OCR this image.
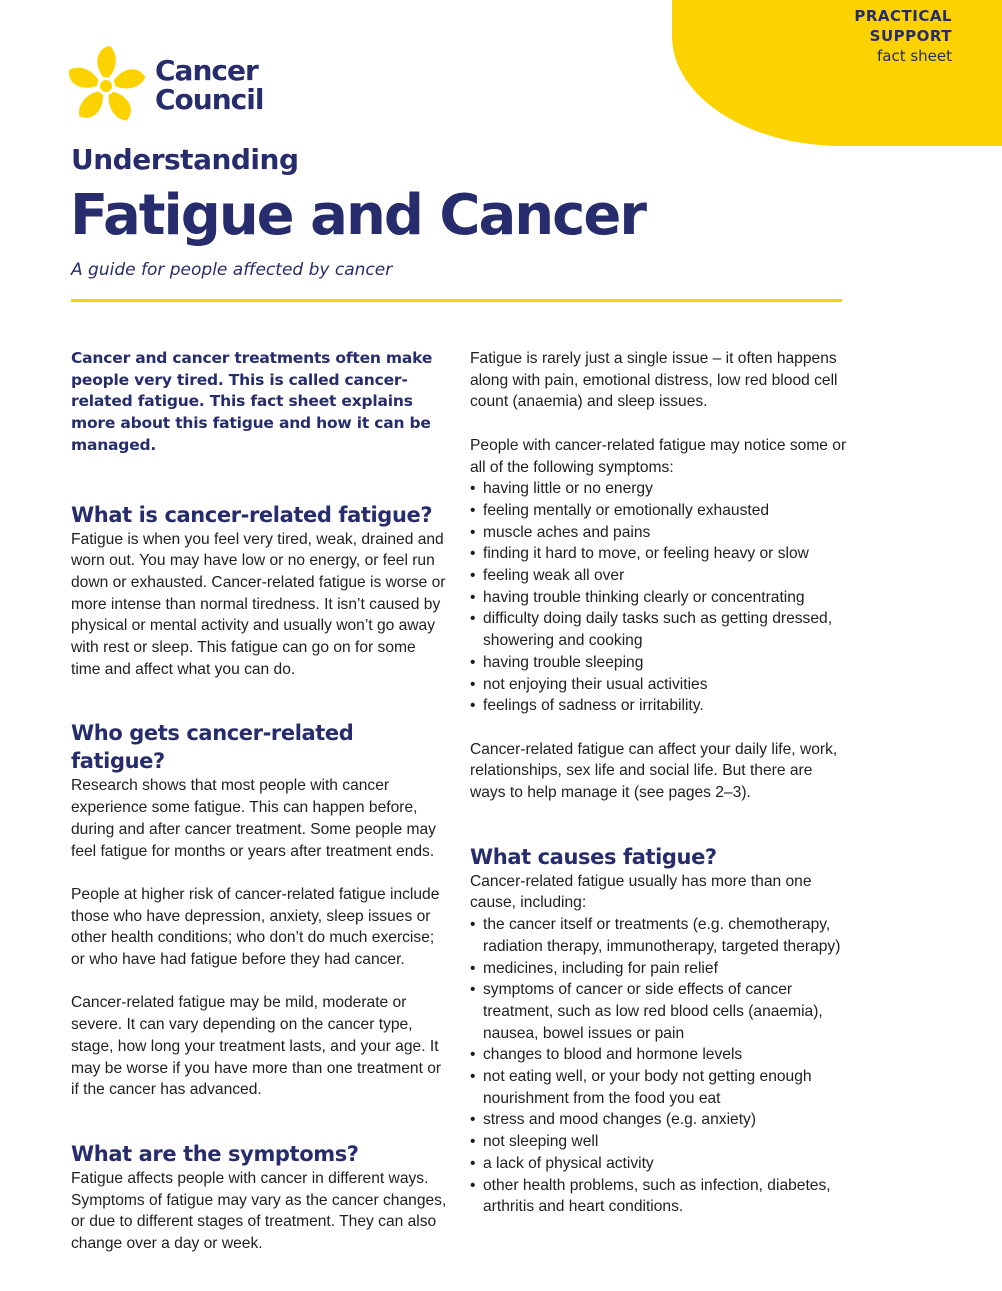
PRACTICAL
SUPPORT
fact sheet
Cancer
Council
Understanding
Fatigue and Cancer
A guide for people affected by cancer

Cancer and cancer treatments often make people very tired. This is called cancer-related fatigue. This fact sheet explains more about this fatigue and how it can be managed.

What is cancer-related fatigue?

Fatigue is when you feel very tired, weak, drained and worn out. You may have low or no energy, or feel run down or exhausted. Cancer-related fatigue is worse or more intense than normal tiredness. It isn’t caused by physical or mental activity and usually won’t go away with rest or sleep. This fatigue can go on for some time and affect what you can do.

Who gets cancer-related fatigue?

Research shows that most people with cancer experience some fatigue. This can happen before, during and after cancer treatment. Some people may feel fatigue for months or years after treatment ends.

People at higher risk of cancer-related fatigue include those who have depression, anxiety, sleep issues or other health conditions; who don’t do much exercise; or who have had fatigue before they had cancer.

Cancer-related fatigue may be mild, moderate or severe. It can vary depending on the cancer type, stage, how long your treatment lasts, and your age. It may be worse if you have more than one treatment or if the cancer has advanced.

What are the symptoms?

Fatigue affects people with cancer in different ways. Symptoms of fatigue may vary as the cancer changes, or due to different stages of treatment. They can also change over a day or week.

Fatigue is rarely just a single issue – it often happens along with pain, emotional distress, low red blood cell count (anaemia) and sleep issues.

People with cancer-related fatigue may notice some or all of the following symptoms:

• having little or no energy
• feeling mentally or emotionally exhausted
• muscle aches and pains
• finding it hard to move, or feeling heavy or slow
• feeling weak all over
• having trouble thinking clearly or concentrating
• difficulty doing daily tasks such as getting dressed, showering and cooking
• having trouble sleeping
• not enjoying their usual activities
• feelings of sadness or irritability.

Cancer-related fatigue can affect your daily life, work, relationships, sex life and social life. But there are ways to help manage it (see pages 2–3).

What causes fatigue?

Cancer-related fatigue usually has more than one cause, including:

• the cancer itself or treatments (e.g. chemotherapy, radiation therapy, immunotherapy, targeted therapy)
• medicines, including for pain relief
• symptoms of cancer or side effects of cancer treatment, such as low red blood cells (anaemia), nausea, bowel issues or pain
• changes to blood and hormone levels
• not eating well, or your body not getting enough nourishment from the food you eat
• stress and mood changes (e.g. anxiety)
• not sleeping well
• a lack of physical activity
• other health problems, such as infection, diabetes, arthritis and heart conditions.
